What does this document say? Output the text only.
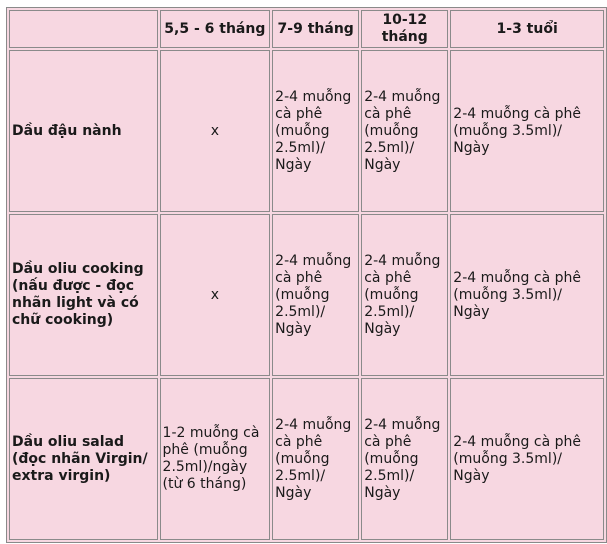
	5,5 - 6 tháng	7-9 tháng	10-12 tháng	1-3 tuổi
Dầu đậu nành	x	2-4 muỗng cà phê (muỗng 2.5ml)/ Ngày	2-4 muỗng cà phê (muỗng 2.5ml)/ Ngày	2-4 muỗng cà phê (muỗng 3.5ml)/ Ngày
Dầu oliu cooking (nấu được - đọc nhãn light và có chữ cooking)	x	2-4 muỗng cà phê (muỗng 2.5ml)/ Ngày	2-4 muỗng cà phê (muỗng 2.5ml)/ Ngày	2-4 muỗng cà phê (muỗng 3.5ml)/ Ngày
Dầu oliu salad (đọc nhãn Virgin/ extra virgin)	1-2 muỗng cà phê (muỗng 2.5ml)/ngày (từ 6 tháng)	2-4 muỗng cà phê (muỗng 2.5ml)/ Ngày	2-4 muỗng cà phê (muỗng 2.5ml)/ Ngày	2-4 muỗng cà phê (muỗng 3.5ml)/ Ngày
